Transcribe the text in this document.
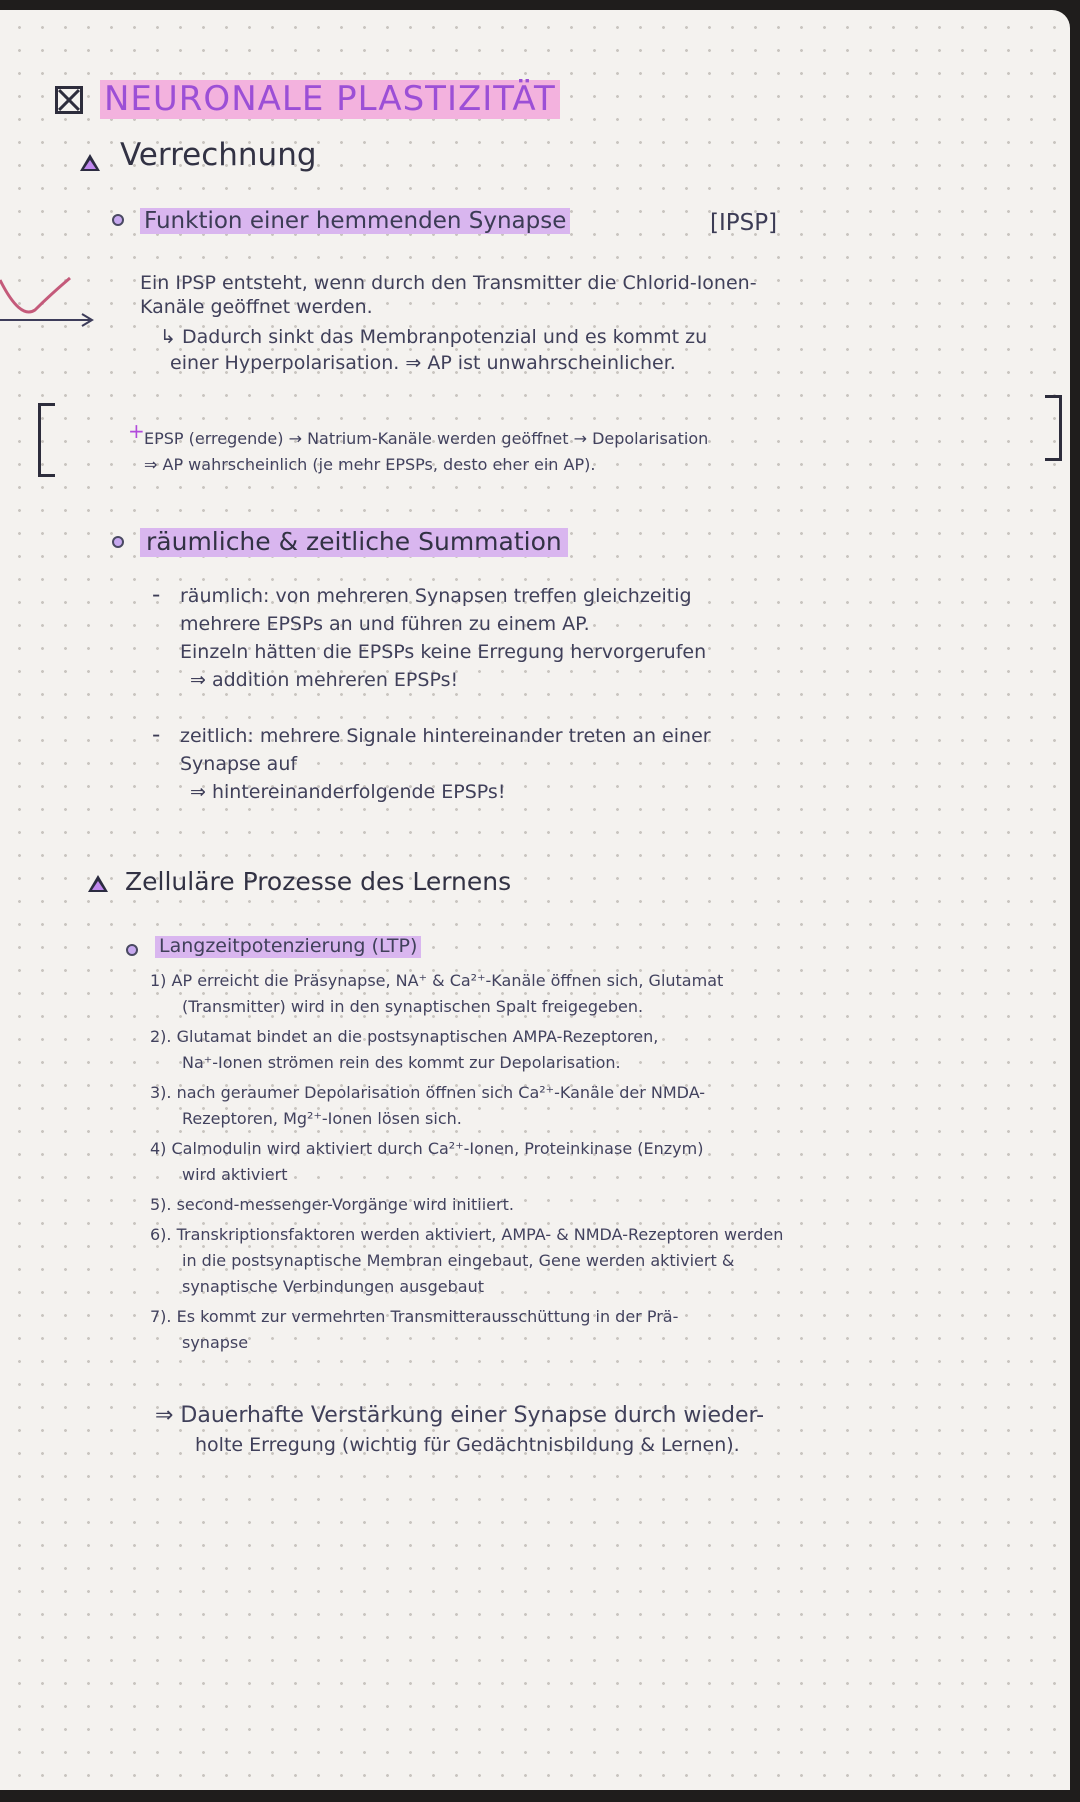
NEURONALE PLASTIZITÄT
Verrechnung
Funktion einer hemmenden Synapse	[IPSP]
Ein IPSP entsteht, wenn durch den Transmitter die Chlorid-Ionen-
Kanäle geöffnet werden.
↳ Dadurch sinkt das Membranpotenzial und es kommt zu
einer Hyperpolarisation. ⇒ AP ist unwahrscheinlicher.
+ EPSP (erregende) → Natrium-Kanäle werden geöffnet → Depolarisation
⇒ AP wahrscheinlich (je mehr EPSPs, desto eher ein AP).
räumliche & zeitliche Summation
- räumlich: von mehreren Synapsen treffen gleichzeitig
mehrere EPSPs an und führen zu einem AP.
Einzeln hätten die EPSPs keine Erregung hervorgerufen
⇒ addition mehreren EPSPs!
- zeitlich: mehrere Signale hintereinander treten an einer
Synapse auf
⇒ hintereinanderfolgende EPSPs!
Zelluläre Prozesse des Lernens
Langzeitpotenzierung (LTP)
1) AP erreicht die Präsynapse, NA⁺ & Ca²⁺-Kanäle öffnen sich, Glutamat
(Transmitter) wird in den synaptischen Spalt freigegeben.
2). Glutamat bindet an die postsynaptischen AMPA-Rezeptoren,
Na⁺-Ionen strömen rein des kommt zur Depolarisation.
3). nach geraumer Depolarisation öffnen sich Ca²⁺-Kanäle der NMDA-
Rezeptoren, Mg²⁺-Ionen lösen sich.
4) Calmodulin wird aktiviert durch Ca²⁺-Ionen, Proteinkinase (Enzym)
wird aktiviert
5). second-messenger-Vorgänge wird initiiert.
6). Transkriptionsfaktoren werden aktiviert, AMPA- & NMDA-Rezeptoren werden
in die postsynaptische Membran eingebaut, Gene werden aktiviert &
synaptische Verbindungen ausgebaut
7). Es kommt zur vermehrten Transmitterausschüttung in der Prä-
synapse
⇒ Dauerhafte Verstärkung einer Synapse durch wieder-
holte Erregung (wichtig für Gedächtnisbildung & Lernen).
